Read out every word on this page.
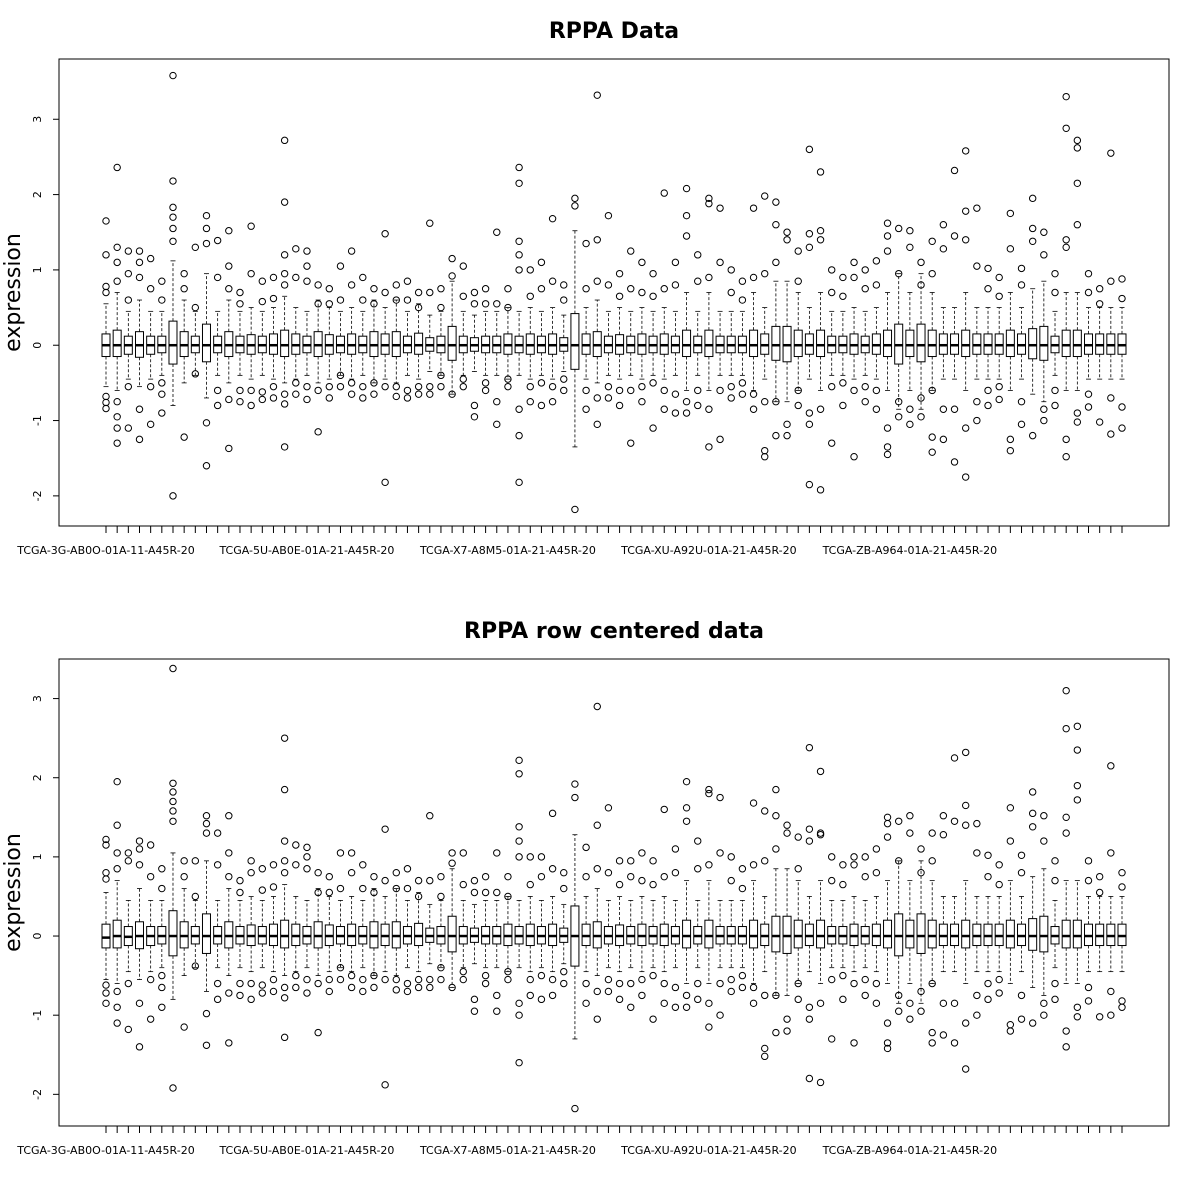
RPPA Data
expression
-2
-1
0
1
2
3
TCGA-3G-AB0O-01A-11-A45R-20 TCGA-5U-AB0E-01A-21-A45R-20 TCGA-X7-A8M5-01A-21-A45R-20 TCGA-XU-A92U-01A-21-A45R-20 TCGA-ZB-A964-01A-21-A45R-20
RPPA row centered data
expression
-2
-1
0
1
2
3
TCGA-3G-AB0O-01A-11-A45R-20 TCGA-5U-AB0E-01A-21-A45R-20 TCGA-X7-A8M5-01A-21-A45R-20 TCGA-XU-A92U-01A-21-A45R-20 TCGA-ZB-A964-01A-21-A45R-20
